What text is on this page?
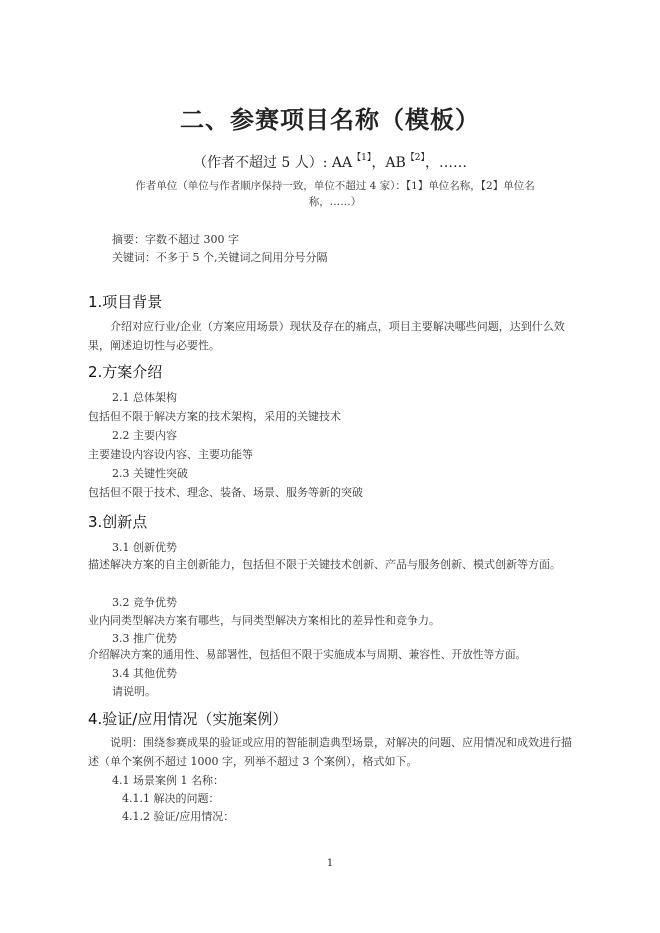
二、参赛项目名称（模板）
（作者不超过 5 人）: $AA^{【1】}$，$AB^{【2】}$，……
作者单位（单位与作者顺序保持一致，单位不超过 4 家）：【1】单位名称，【2】单位名称，……）
摘要：字数不超过 300 字
关键词：不多于 5 个,关键词之间用分号分隔
1.项目背景
介绍对应行业/企业（方案应用场景）现状及存在的痛点，项目主要解决哪些问题，达到什么效果，阐述迫切性与必要性。
2.方案介绍
2.1 总体架构
包括但不限于解决方案的技术架构，采用的关键技术
2.2 主要内容
主要建设内容设内容、主要功能等
2.3 关键性突破
包括但不限于技术、理念、装备、场景、服务等新的突破
3.创新点
3.1 创新优势
描述解决方案的自主创新能力，包括但不限于关键技术创新、产品与服务创新、模式创新等方面。
3.2 竞争优势
业内同类型解决方案有哪些，与同类型解决方案相比的差异性和竞争力。
3.3 推广优势
介绍解决方案的通用性、易部署性，包括但不限于实施成本与周期、兼容性、开放性等方面。
3.4 其他优势
请说明。
4.验证/应用情况（实施案例）
说明：围绕参赛成果的验证或应用的智能制造典型场景，对解决的问题、应用情况和成效进行描述（单个案例不超过 1000 字，列举不超过 3 个案例），格式如下。
4.1 场景案例 1 名称：
4.1.1 解决的问题：
4.1.2 验证/应用情况：
1
